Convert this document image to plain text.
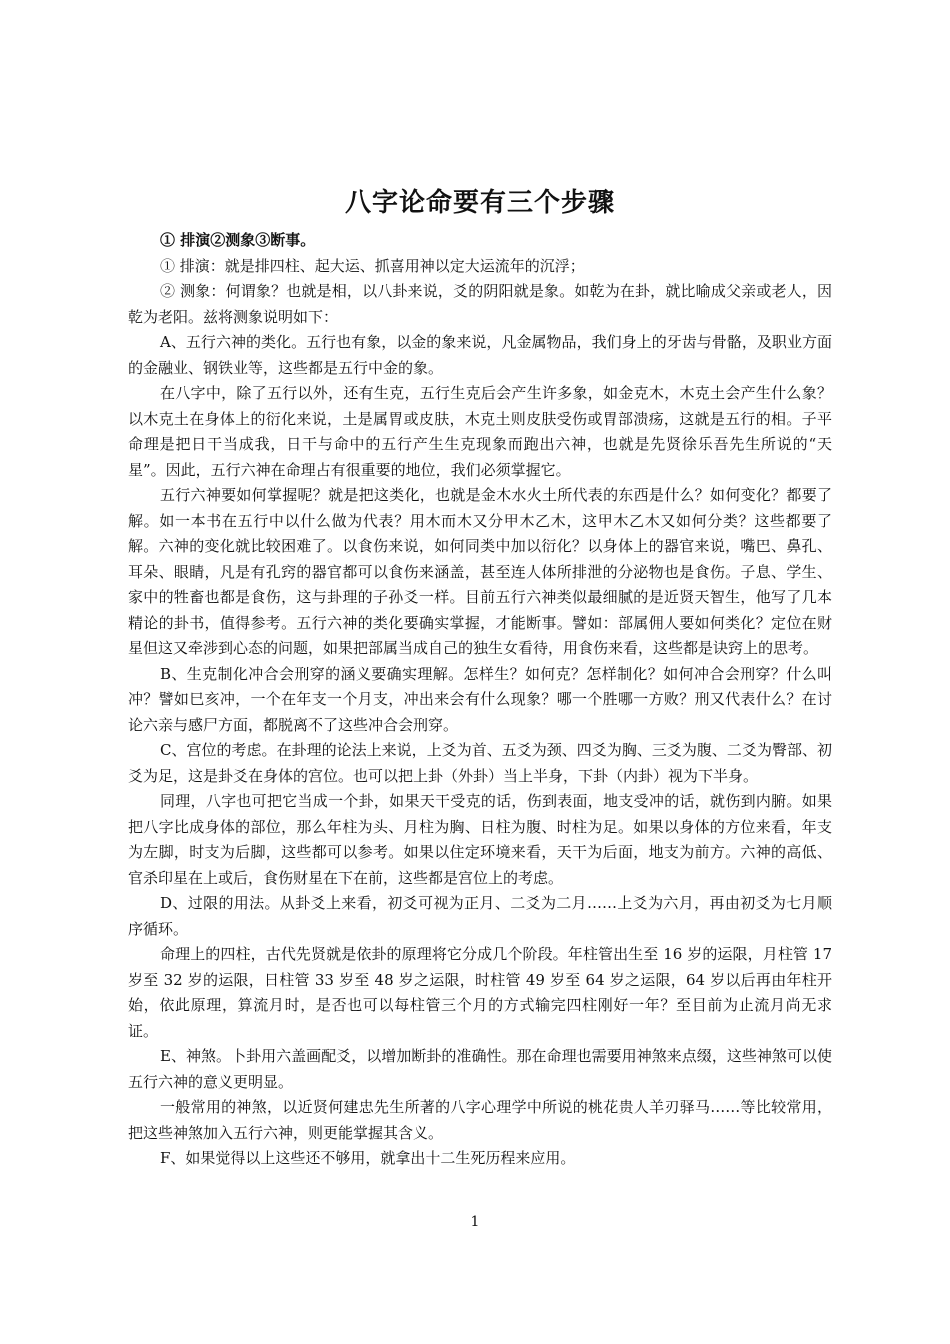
八字论命要有三个步骤

① 排演②测象③断事。

① 排演：就是排四柱、起大运、抓喜用神以定大运流年的沉浮；

② 测象：何谓象？也就是相，以八卦来说，爻的阴阳就是象。如乾为在卦，就比喻成父亲或老人，因乾为老阳。兹将测象说明如下：

A、五行六神的类化。五行也有象，以金的象来说，凡金属物品，我们身上的牙齿与骨骼，及职业方面的金融业、钢铁业等，这些都是五行中金的象。

在八字中，除了五行以外，还有生克，五行生克后会产生许多象，如金克木，木克土会产生什么象？以木克土在身体上的衍化来说，土是属胃或皮肤，木克土则皮肤受伤或胃部溃疡，这就是五行的相。子平命理是把日干当成我，日干与命中的五行产生生克现象而跑出六神，也就是先贤徐乐吾先生所说的“天星”。因此，五行六神在命理占有很重要的地位，我们必须掌握它。

五行六神要如何掌握呢？就是把这类化，也就是金木水火土所代表的东西是什么？如何变化？都要了解。如一本书在五行中以什么做为代表？用木而木又分甲木乙木，这甲木乙木又如何分类？这些都要了解。六神的变化就比较困难了。以食伤来说，如何同类中加以衍化？以身体上的器官来说，嘴巴、鼻孔、耳朵、眼睛，凡是有孔窍的器官都可以食伤来涵盖，甚至连人体所排泄的分泌物也是食伤。子息、学生、家中的牲畜也都是食伤，这与卦理的子孙爻一样。目前五行六神类似最细腻的是近贤天智生，他写了几本精论的卦书，值得参考。五行六神的类化要确实掌握，才能断事。譬如：部属佣人要如何类化？定位在财星但这又牵涉到心态的问题，如果把部属当成自己的独生女看待，用食伤来看，这些都是诀窍上的思考。

B、生克制化冲合会刑穿的涵义要确实理解。怎样生？如何克？怎样制化？如何冲合会刑穿？什么叫冲？譬如巳亥冲，一个在年支一个月支，冲出来会有什么现象？哪一个胜哪一方败？刑又代表什么？在讨论六亲与感尸方面，都脱离不了这些冲合会刑穿。

C、宫位的考虑。在卦理的论法上来说，上爻为首、五爻为颈、四爻为胸、三爻为腹、二爻为臀部、初爻为足，这是卦爻在身体的宫位。也可以把上卦（外卦）当上半身，下卦（内卦）视为下半身。

同理，八字也可把它当成一个卦，如果天干受克的话，伤到表面，地支受冲的话，就伤到内腑。如果把八字比成身体的部位，那么年柱为头、月柱为胸、日柱为腹、时柱为足。如果以身体的方位来看，年支为左脚，时支为后脚，这些都可以参考。如果以住定环境来看，天干为后面，地支为前方。六神的高低、官杀印星在上或后，食伤财星在下在前，这些都是宫位上的考虑。

D、过限的用法。从卦爻上来看，初爻可视为正月、二爻为二月……上爻为六月，再由初爻为七月顺序循环。

命理上的四柱，古代先贤就是依卦的原理将它分成几个阶段。年柱管出生至 16 岁的运限，月柱管 17 岁至 32 岁的运限，日柱管 33 岁至 48 岁之运限，时柱管 49 岁至 64 岁之运限，64 岁以后再由年柱开始，依此原理，算流月时，是否也可以每柱管三个月的方式输完四柱刚好一年？至目前为止流月尚无求证。

E、神煞。卜卦用六盖画配爻，以增加断卦的准确性。那在命理也需要用神煞来点缀，这些神煞可以使五行六神的意义更明显。

一般常用的神煞，以近贤何建忠先生所著的八字心理学中所说的桃花贵人羊刃驿马……等比较常用，把这些神煞加入五行六神，则更能掌握其含义。

F、如果觉得以上这些还不够用，就拿出十二生死历程来应用。

1
